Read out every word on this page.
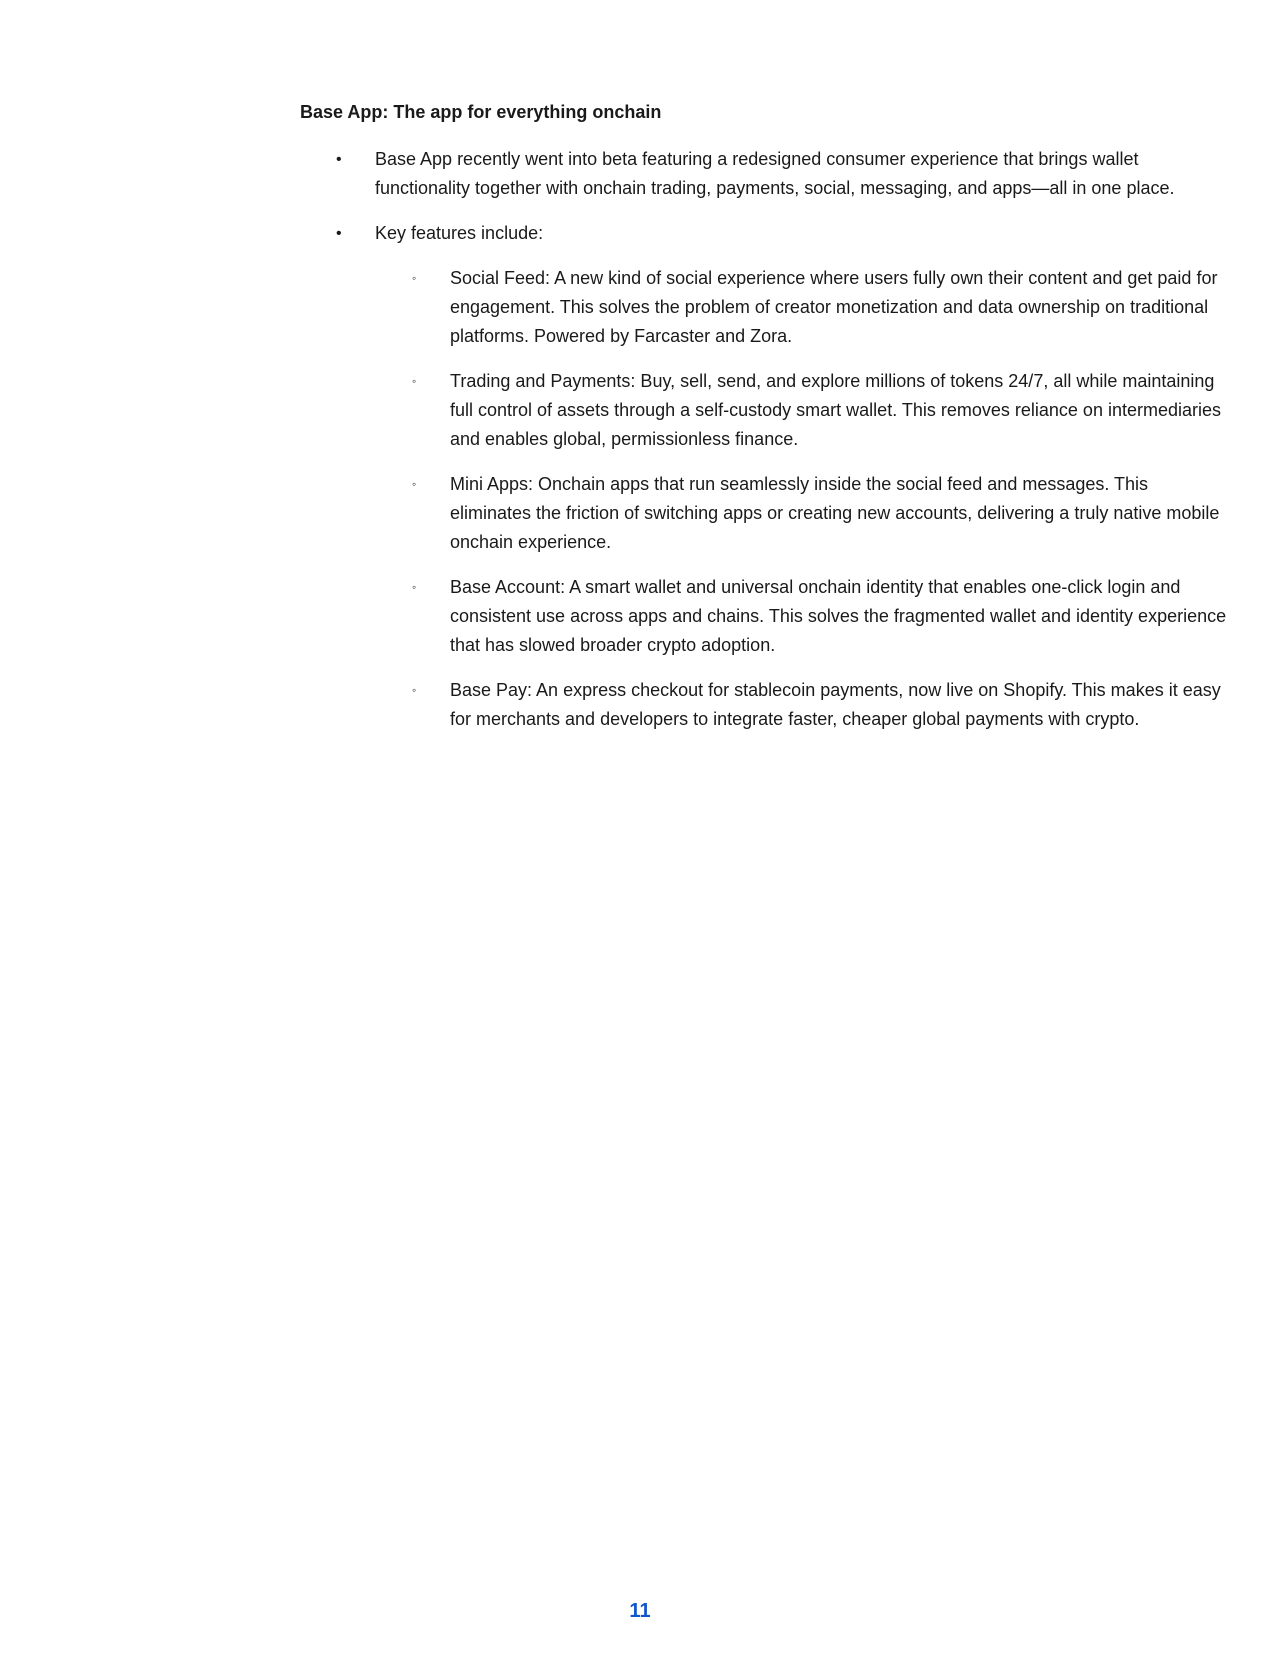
Base App: The app for everything onchain
• Base App recently went into beta featuring a redesigned consumer experience that brings wallet functionality together with onchain trading, payments, social, messaging, and apps—all in one place.
• Key features include:
◦ Social Feed: A new kind of social experience where users fully own their content and get paid for engagement. This solves the problem of creator monetization and data ownership on traditional platforms. Powered by Farcaster and Zora.
◦ Trading and Payments: Buy, sell, send, and explore millions of tokens 24/7, all while maintaining full control of assets through a self-custody smart wallet. This removes reliance on intermediaries and enables global, permissionless finance.
◦ Mini Apps: Onchain apps that run seamlessly inside the social feed and messages. This eliminates the friction of switching apps or creating new accounts, delivering a truly native mobile onchain experience.
◦ Base Account: A smart wallet and universal onchain identity that enables one-click login and consistent use across apps and chains. This solves the fragmented wallet and identity experience that has slowed broader crypto adoption.
◦ Base Pay: An express checkout for stablecoin payments, now live on Shopify. This makes it easy for merchants and developers to integrate faster, cheaper global payments with crypto.
11
